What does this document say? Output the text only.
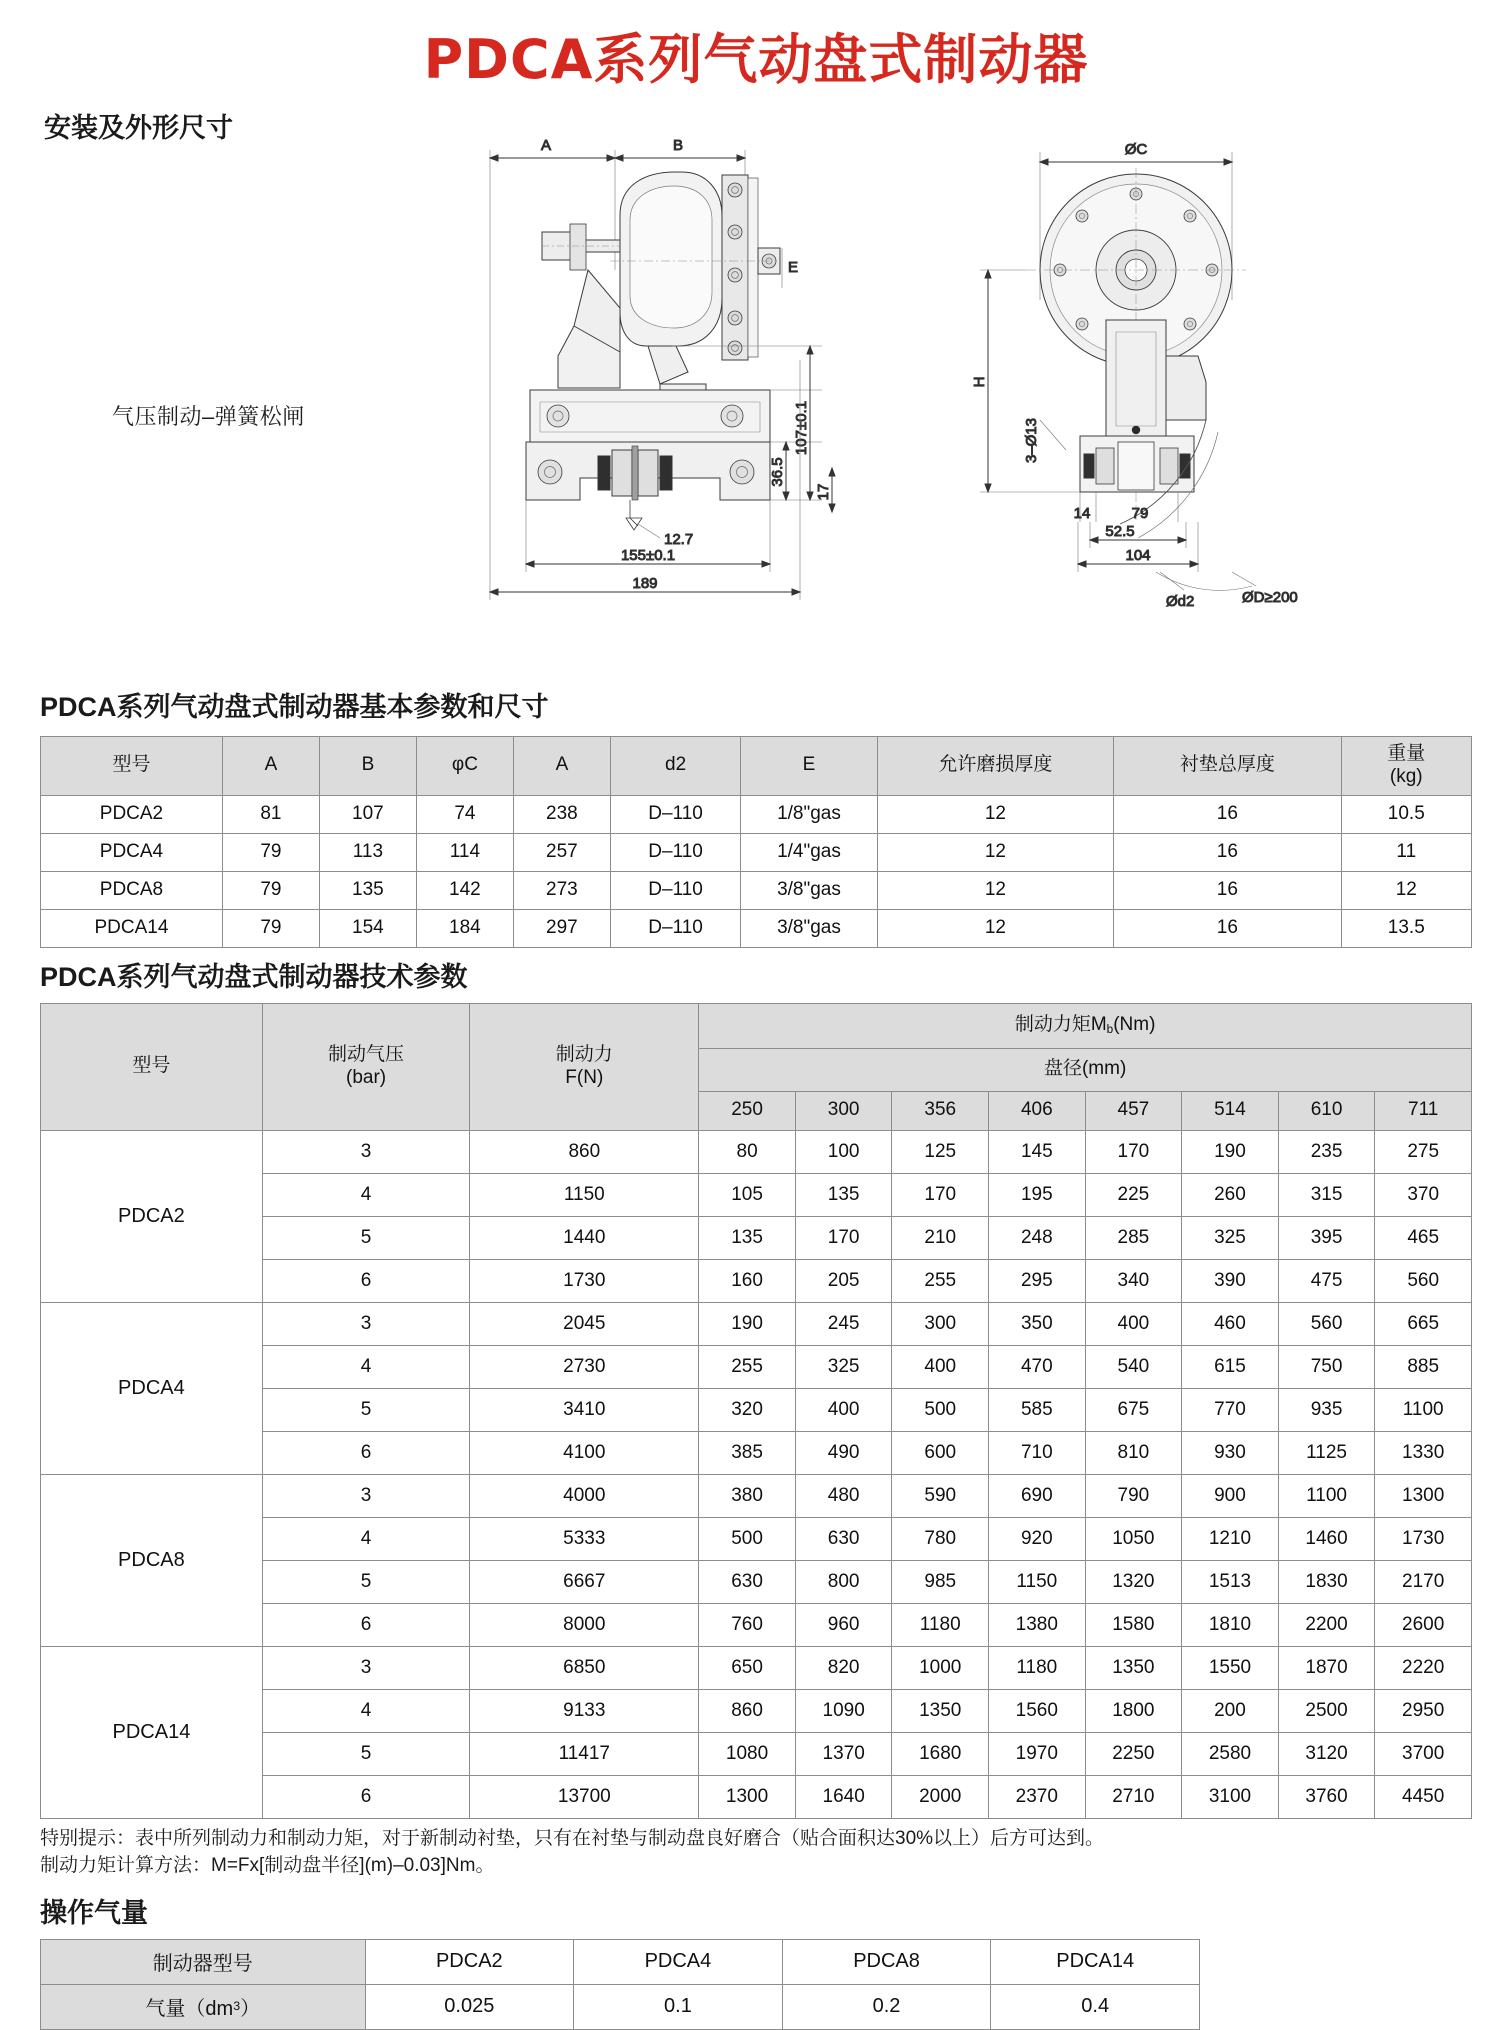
PDCA系列气动盘式制动器
安装及外形尺寸
气压制动–弹簧松闸
A	B
E
107±0.1
36.5
17
12.7
155±0.1
189
ØC
H
3–Ø13
14	79
52.5
104
Ød2	ØD≥200
PDCA系列气动盘式制动器基本参数和尺寸
型号	A	B	φC	A	d2	E	允许磨损厚度	衬垫总厚度	重量
(kg)

PDCA2	81	107	74	238	D–110	1/8"gas	12	16	10.5
PDCA4	79	113	114	257	D–110	1/4"gas	12	16	11
PDCA8	79	135	142	273	D–110	3/8"gas	12	16	12
PDCA14	79	154	184	297	D–110	3/8"gas	12	16	13.5
PDCA系列气动盘式制动器技术参数
型号	
制动气压
(bar)

制动力
F(N)
	制动力矩$M_b(Nm)$
			盘径(mm)							
			250	300	356	406	457	514	610	711
PDCA2	3	860	80	100	125	145	170	190	235	275
	4	1150	105	135	170	195	225	260	315	370
	5	1440	135	170	210	248	285	325	395	465
	6	1730	160	205	255	295	340	390	475	560
PDCA4	3	2045	190	245	300	350	400	460	560	665
	4	2730	255	325	400	470	540	615	750	885
	5	3410	320	400	500	585	675	770	935	1100
	6	4100	385	490	600	710	810	930	1125	1330
PDCA8	3	4000	380	480	590	690	790	900	1100	1300
	4	5333	500	630	780	920	1050	1210	1460	1730
	5	6667	630	800	985	1150	1320	1513	1830	2170
	6	8000	760	960	1180	1380	1580	1810	2200	2600
PDCA14	3	6850	650	820	1000	1180	1350	1550	1870	2220
	4	9133	860	1090	1350	1560	1800	200	2500	2950
	5	11417	1080	1370	1680	1970	2250	2580	3120	3700
	6	13700	1300	1640	2000	2370	2710	3100	3760	4450
特别提示：表中所列制动力和制动力矩，对于新制动衬垫，只有在衬垫与制动盘良好磨合（贴合面积达30%以上）后方可达到。
制动力矩计算方法：M=Fx[制动盘半径](m)–0.03]Nm。
操作气量
制动器型号	PDCA2	PDCA4	PDCA8	PDCA14
气量$(dm^3)$	0.025	0.1	0.2	0.4
